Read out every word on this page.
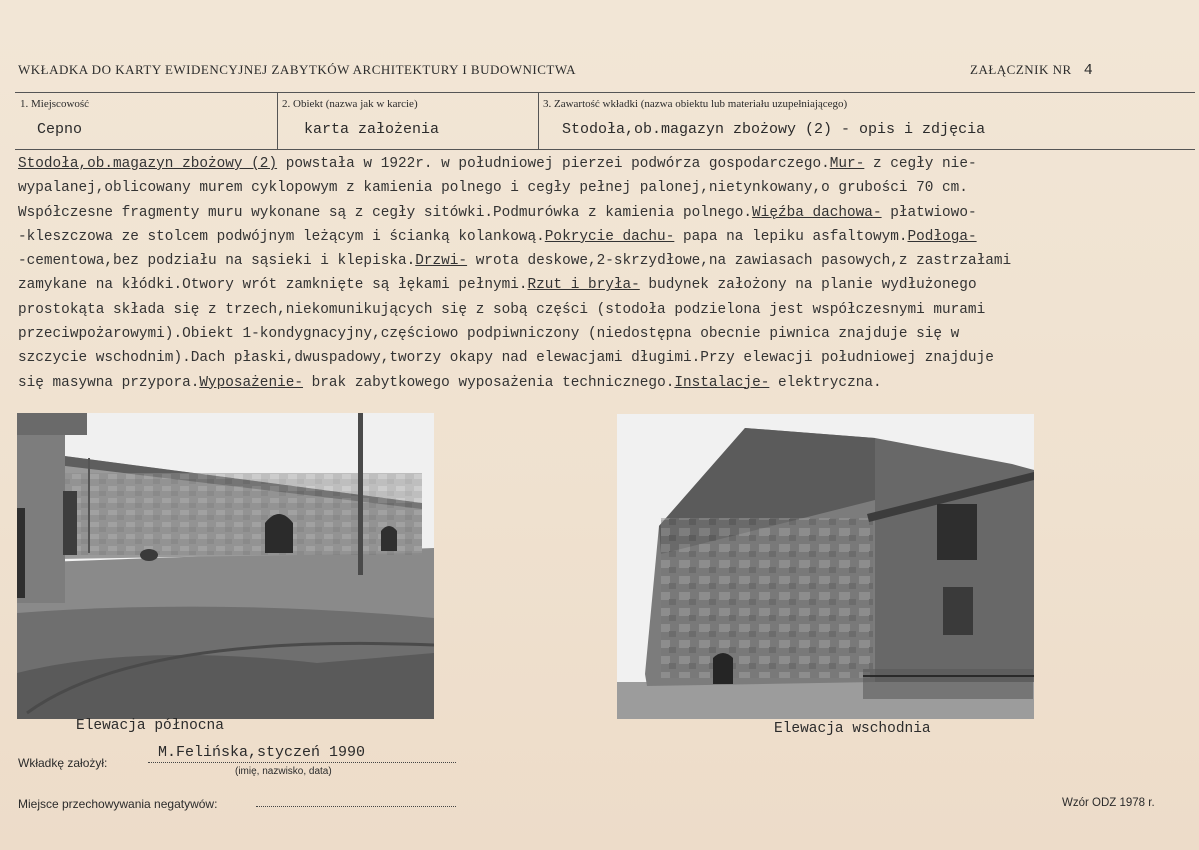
WKŁADKA DO KARTY EWIDENCYJNEJ ZABYTKÓW ARCHITEKTURY I BUDOWNICTWA	ZAŁĄCZNIK NR 4
1. Miejscowość
Cepno
2. Obiekt (nazwa jak w karcie)
karta założenia
3. Zawartość wkładki (nazwa obiektu lub materiału uzupełniającego)
Stodoła,ob.magazyn zbożowy (2) - opis i zdjęcia
Stodoła,ob.magazyn zbożowy (2) powstała w 1922r. w południowej pierzei podwórza gospodarczego.Mur- z cegły nie-
wypalanej,oblicowany murem cyklopowym z kamienia polnego i cegły pełnej palonej,nietynkowany,o grubości 70 cm.
Współczesne fragmenty muru wykonane są z cegły sitówki.Podmurówka z kamienia polnego.Więźba dachowa- płatwiowo-
-kleszczowa ze stolcem podwójnym leżącym i ścianką kolankową.Pokrycie dachu- papa na lepiku asfaltowym.Podłoga-
-cementowa,bez podziału na sąsieki i klepiska.Drzwi- wrota deskowe,2-skrzydłowe,na zawiasach pasowych,z zastrzałami
zamykane na kłódki.Otwory wrót zamknięte są łękami pełnymi.Rzut i bryła- budynek założony na planie wydłużonego
prostokąta składa się z trzech,niekomunikujących się z sobą części (stodoła podzielona jest współczesnymi murami
przeciwpożarowymi).Obiekt 1-kondygnacyjny,częściowo podpiwniczony (niedostępna obecnie piwnica znajduje się w
szczycie wschodnim).Dach płaski,dwuspadowy,tworzy okapy nad elewacjami długimi.Przy elewacji południowej znajduje
się masywna przypora.Wyposażenie- brak zabytkowego wyposażenia technicznego.Instalacje- elektryczna.
Elewacja północna	Elewacja wschodnia
Wkładkę założył:
M.Felińska,styczeń 1990
(imię, nazwisko, data)
Miejsce przechowywania negatywów:	Wzór ODZ 1978 r.
